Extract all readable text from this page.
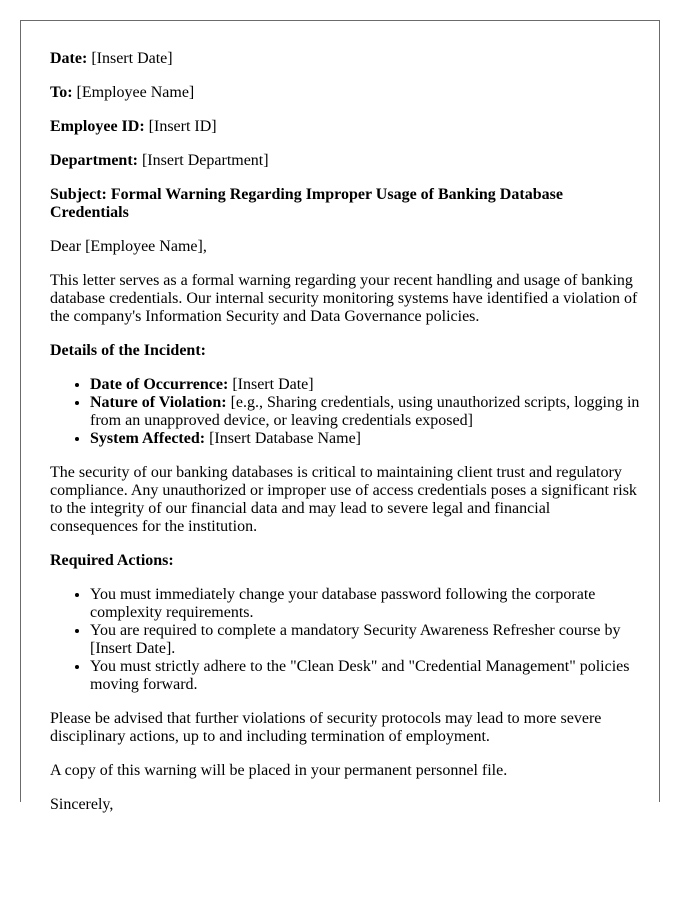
Date: [Insert Date]

To: [Employee Name]

Employee ID: [Insert ID]

Department: [Insert Department]

Subject: Formal Warning Regarding Improper Usage of Banking Database Credentials

Dear [Employee Name],

This letter serves as a formal warning regarding your recent handling and usage of banking database credentials. Our internal security monitoring systems have identified a violation of the company's Information Security and Data Governance policies.

Details of the Incident:

• Date of Occurrence: [Insert Date]
• Nature of Violation: [e.g., Sharing credentials, using unauthorized scripts, logging in from an unapproved device, or leaving credentials exposed]
• System Affected: [Insert Database Name]

The security of our banking databases is critical to maintaining client trust and regulatory compliance. Any unauthorized or improper use of access credentials poses a significant risk to the integrity of our financial data and may lead to severe legal and financial consequences for the institution.

Required Actions:

• You must immediately change your database password following the corporate complexity requirements.
• You are required to complete a mandatory Security Awareness Refresher course by [Insert Date].
• You must strictly adhere to the "Clean Desk" and "Credential Management" policies moving forward.

Please be advised that further violations of security protocols may lead to more severe disciplinary actions, up to and including termination of employment.

A copy of this warning will be placed in your permanent personnel file.

Sincerely,
